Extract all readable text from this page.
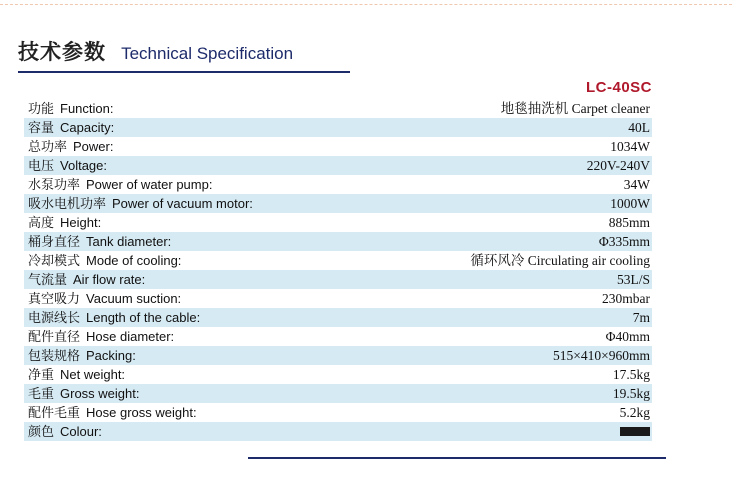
技术参数 Technical Specification
LC-40SC
功能 Function:	地毯抽洗机 Carpet cleaner
容量 Capacity:	40L
总功率 Power:	1034W
电压 Voltage:	220V-240V
水泵功率 Power of water pump:	34W
吸水电机功率 Power of vacuum motor:	1000W
高度 Height:	885mm
桶身直径 Tank diameter:	Φ335mm
冷却模式 Mode of cooling:	循环风冷 Circulating air cooling
气流量 Air flow rate:	53L/S
真空吸力 Vacuum suction:	230mbar
电源线长 Length of the cable:	7m
配件直径 Hose diameter:	Φ40mm
包装规格 Packing:	515×410×960mm
净重 Net weight:	17.5kg
毛重 Gross weight:	19.5kg
配件毛重 Hose gross weight:	5.2kg
颜色 Colour:
